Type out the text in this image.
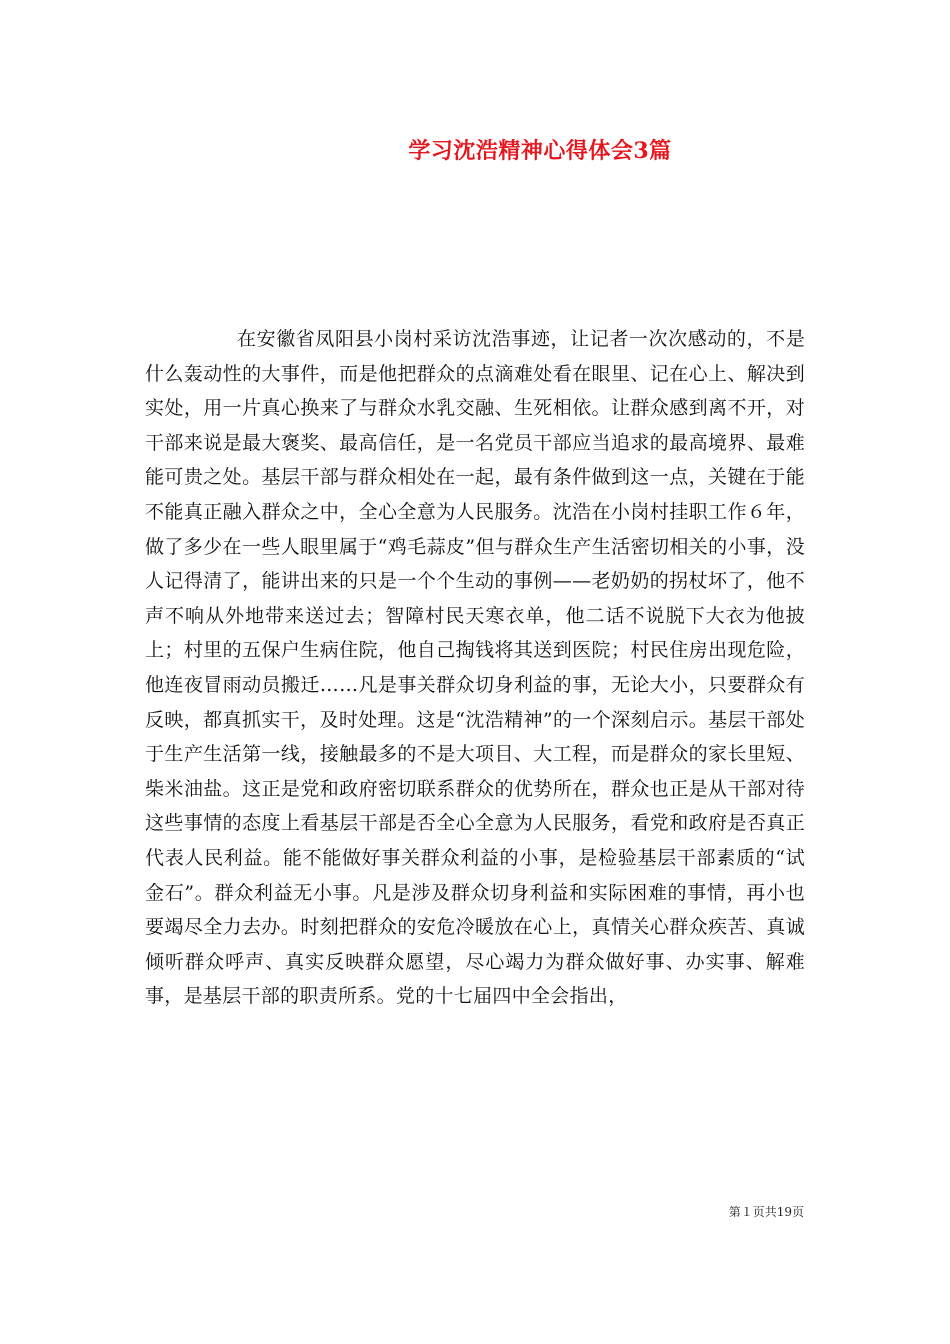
学习沈浩精神心得体会3篇

在安徽省凤阳县小岗村采访沈浩事迹，让记者一次次感动的，不是什么轰动性的大事件，而是他把群众的点滴难处看在眼里、记在心上、解决到实处，用一片真心换来了与群众水乳交融、生死相依。让群众感到离不开，对干部来说是最大褒奖、最高信任，是一名党员干部应当追求的最高境界、最难能可贵之处。基层干部与群众相处在一起，最有条件做到这一点，关键在于能不能真正融入群众之中，全心全意为人民服务。沈浩在小岗村挂职工作６年，做了多少在一些人眼里属于“鸡毛蒜皮”但与群众生产生活密切相关的小事，没人记得清了，能讲出来的只是一个个生动的事例——老奶奶的拐杖坏了，他不声不响从外地带来送过去；智障村民天寒衣单，他二话不说脱下大衣为他披上；村里的五保户生病住院，他自己掏钱将其送到医院；村民住房出现危险，他连夜冒雨动员搬迁……凡是事关群众切身利益的事，无论大小，只要群众有反映，都真抓实干，及时处理。这是“沈浩精神”的一个深刻启示。基层干部处于生产生活第一线，接触最多的不是大项目、大工程，而是群众的家长里短、柴米油盐。这正是党和政府密切联系群众的优势所在，群众也正是从干部对待这些事情的态度上看基层干部是否全心全意为人民服务，看党和政府是否真正代表人民利益。能不能做好事关群众利益的小事，是检验基层干部素质的“试金石”。群众利益无小事。凡是涉及群众切身利益和实际困难的事情，再小也要竭尽全力去办。时刻把群众的安危冷暖放在心上，真情关心群众疾苦、真诚倾听群众呼声、真实反映群众愿望，尽心竭力为群众做好事、办实事、解难事，是基层干部的职责所系。党的十七届四中全会指出，

第１页共19页
